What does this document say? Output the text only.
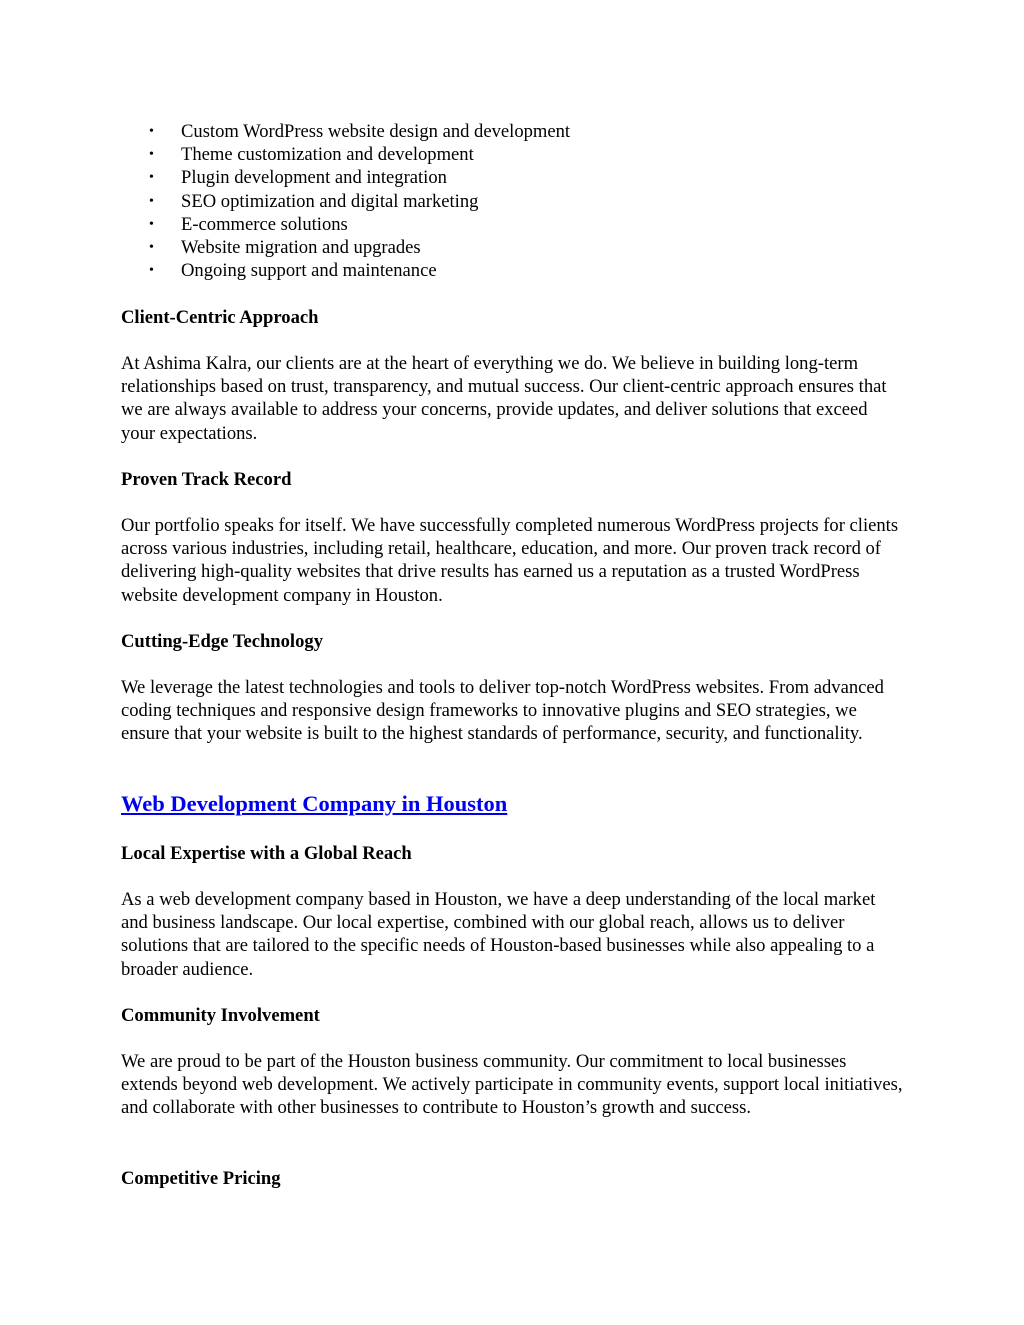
• Custom WordPress website design and development
• Theme customization and development
• Plugin development and integration
• SEO optimization and digital marketing
• E-commerce solutions
• Website migration and upgrades
• Ongoing support and maintenance

Client-Centric Approach

At Ashima Kalra, our clients are at the heart of everything we do. We believe in building long-term relationships based on trust, transparency, and mutual success. Our client-centric approach ensures that we are always available to address your concerns, provide updates, and deliver solutions that exceed your expectations.

Proven Track Record

Our portfolio speaks for itself. We have successfully completed numerous WordPress projects for clients across various industries, including retail, healthcare, education, and more. Our proven track record of delivering high-quality websites that drive results has earned us a reputation as a trusted WordPress website development company in Houston.

Cutting-Edge Technology

We leverage the latest technologies and tools to deliver top-notch WordPress websites. From advanced coding techniques and responsive design frameworks to innovative plugins and SEO strategies, we ensure that your website is built to the highest standards of performance, security, and functionality.

Web Development Company in Houston

Local Expertise with a Global Reach

As a web development company based in Houston, we have a deep understanding of the local market and business landscape. Our local expertise, combined with our global reach, allows us to deliver solutions that are tailored to the specific needs of Houston-based businesses while also appealing to a broader audience.

Community Involvement

We are proud to be part of the Houston business community. Our commitment to local businesses extends beyond web development. We actively participate in community events, support local initiatives, and collaborate with other businesses to contribute to Houston’s growth and success.

Competitive Pricing
